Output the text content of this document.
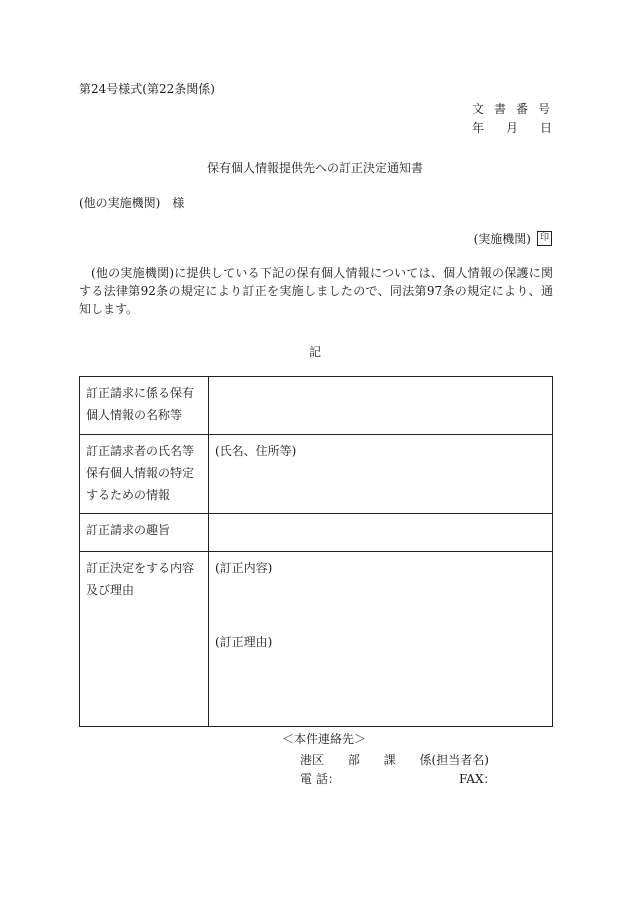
第24号様式(第22条関係)
文書番号
年 月 日
保有個人情報提供先への訂正決定通知書
(他の実施機関)　様
(実施機関) 印
(他の実施機関)に提供している下記の保有個人情報については、個人情報の保護に関する法律第92条の規定により訂正を実施しましたので、同法第97条の規定により、通知します。
記
訂正請求に係る保有個人情報の名称等	
訂正請求者の氏名等保有個人情報の特定するための情報	(氏名、住所等)
訂正請求の趣旨	
訂正決定をする内容及び理由	(訂正内容)
(訂正理由)
＜本件連絡先＞
港区 部 課 係(担当者名)
電 話：	FAX：
